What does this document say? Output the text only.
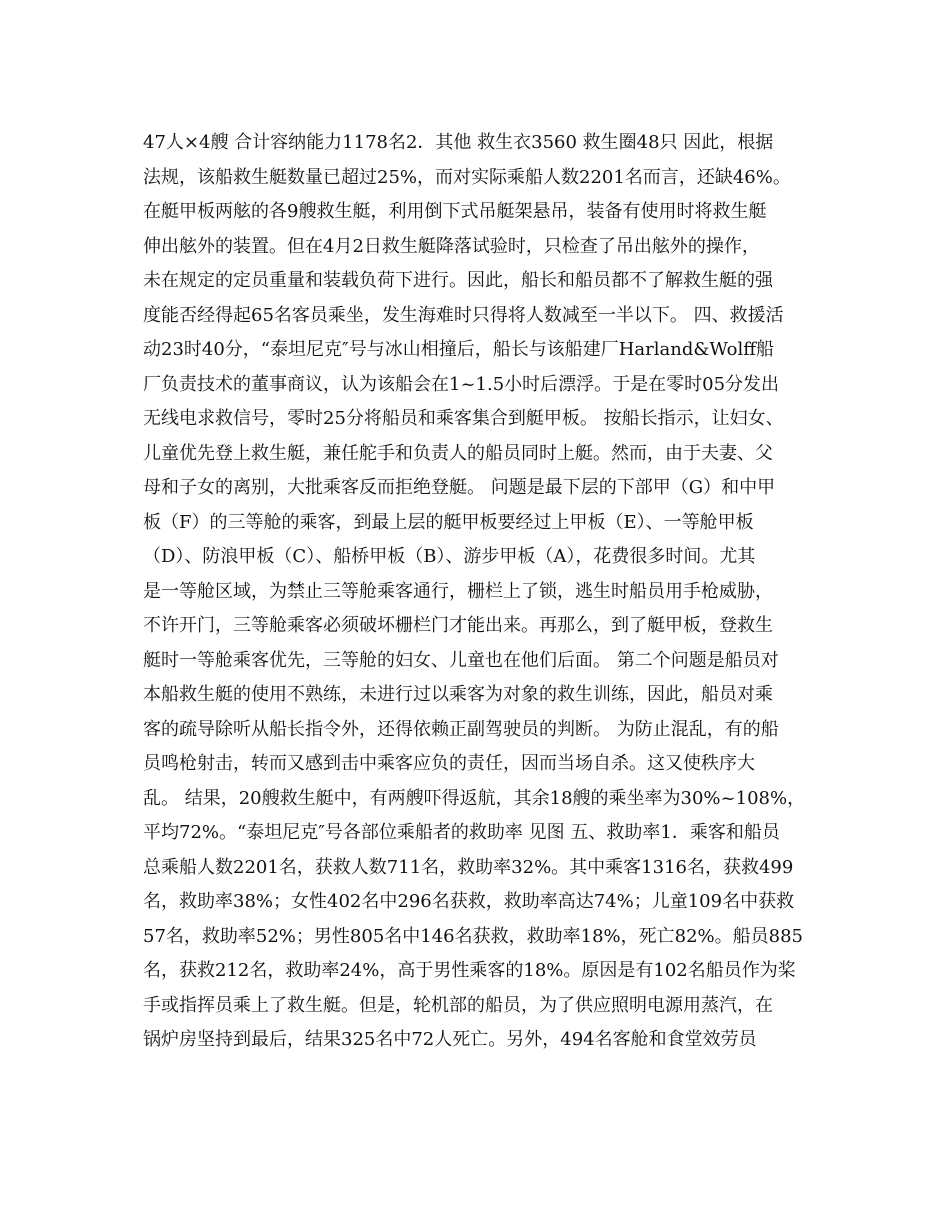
47人×4艘 合计容纳能力1178名2．其他 救生衣3560 救生圈48只 因此，根据
法规，该船救生艇数量已超过25%，而对实际乘船人数2201名而言，还缺46%。
在艇甲板两舷的各9艘救生艇，利用倒下式吊艇架悬吊，装备有使用时将救生艇
伸出舷外的装置。但在4月2日救生艇降落试验时，只检查了吊出舷外的操作，
未在规定的定员重量和装载负荷下进行。因此，船长和船员都不了解救生艇的强
度能否经得起65名客员乘坐，发生海难时只得将人数减至一半以下。 四、救援活
动23时40分，“泰坦尼克″号与冰山相撞后，船长与该船建厂Harland&Wolff船
厂负责技术的董事商议，认为该船会在1~1.5小时后漂浮。于是在零时05分发出
无线电求救信号，零时25分将船员和乘客集合到艇甲板。 按船长指示，让妇女、
儿童优先登上救生艇，兼任舵手和负责人的船员同时上艇。然而，由于夫妻、父
母和子女的离别，大批乘客反而拒绝登艇。 问题是最下层的下部甲（G）和中甲
板（F）的三等舱的乘客，到最上层的艇甲板要经过上甲板（E）、一等舱甲板
（D）、防浪甲板（C）、船桥甲板（B）、游步甲板（A），花费很多时间。尤其
是一等舱区域，为禁止三等舱乘客通行，栅栏上了锁，逃生时船员用手枪威胁，
不许开门，三等舱乘客必须破坏栅栏门才能出来。再那么，到了艇甲板，登救生
艇时一等舱乘客优先，三等舱的妇女、儿童也在他们后面。 第二个问题是船员对
本船救生艇的使用不熟练，未进行过以乘客为对象的救生训练，因此，船员对乘
客的疏导除听从船长指令外，还得依赖正副驾驶员的判断。 为防止混乱，有的船
员鸣枪射击，转而又感到击中乘客应负的责任，因而当场自杀。这又使秩序大
乱。 结果，20艘救生艇中，有两艘吓得返航，其余18艘的乘坐率为30%~108%，
平均72%。“泰坦尼克″号各部位乘船者的救助率 见图 五、救助率1．乘客和船员
总乘船人数2201名，获救人数711名，救助率32%。其中乘客1316名，获救499
名，救助率38%；女性402名中296名获救，救助率高达74%；儿童109名中获救
57名，救助率52%；男性805名中146名获救，救助率18%，死亡82%。船员885
名，获救212名，救助率24%，高于男性乘客的18%。原因是有102名船员作为桨
手或指挥员乘上了救生艇。但是，轮机部的船员，为了供应照明电源用蒸汽，在
锅炉房坚持到最后，结果325名中72人死亡。另外，494名客舱和食堂效劳员
